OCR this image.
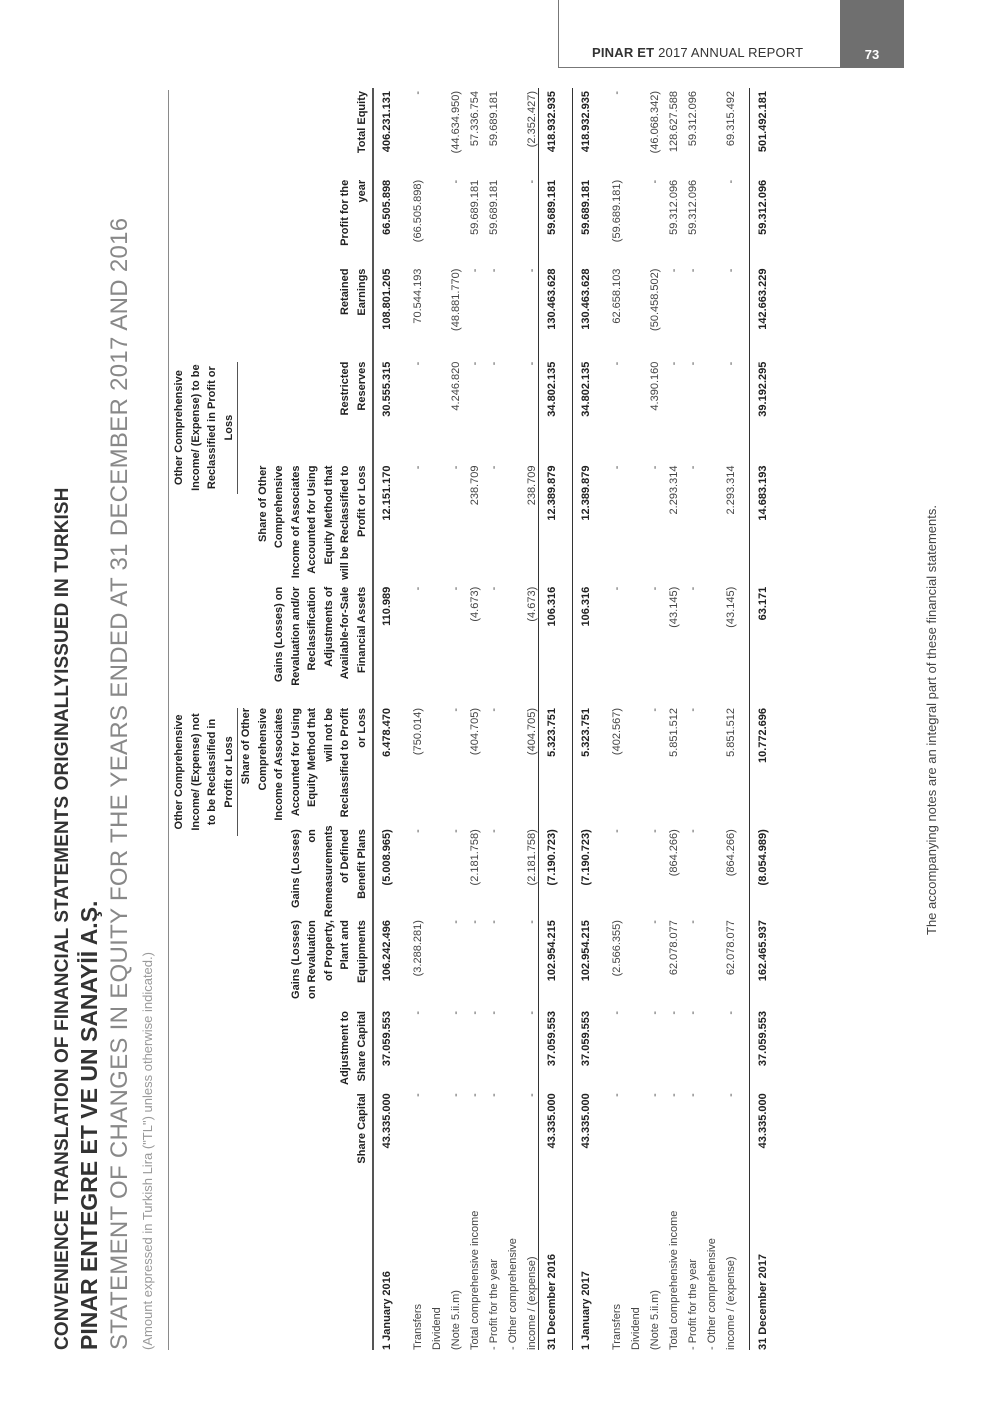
PINAR ET 2017 ANNUAL REPORT	73
CONVENIENCE TRANSLATION OF FINANCIAL STATEMENTS ORIGINALLYISSUED IN TURKISH PINAR ENTEGRE ET VE UN SANAYİİ A.Ş. STATEMENT OF CHANGES IN EQUITY FOR THE YEARS ENDED AT 31 DECEMBER 2017 AND 2016 (Amount expressed in Turkish Lira ("TL") unless otherwise indicated.)

				Other Comprehensive Income/ (Expense) not to be Reclassified in Profit or Loss			Other Comprehensive Income/ (Expense) to be Reclassified in Profit or Loss				

	Share Capital	Adjustment to Share Capital	Gains (Losses) on Revaluation of Property, Plant and Equipments	Gains (Losses) on Remeasurements of Defined Benefit Plans	Share of Other Comprehensive Income of Associates Accounted for Using Equity Method that will not be Reclassified to Profit or Loss	Gains (Losses) on Revaluation and/or Reclassification Adjustments of Available-for-Sale Financial Assets	Share of Other Comprehensive Income of Associates Accounted for Using Equity Method that will be Reclassified to Profit or Loss	Restricted Reserves	Retained Earnings	Profit for the year	Total Equity
1 January 2016	43.335.000	37.059.553	106.242.496	(5.008.965)	6.478.470	110.989	12.151.170	30.555.315	108.801.205	66.505.898	406.231.131

Transfers	-	-	(3.288.281)	-	(750.014)	-	-	-	70.544.193	(66.505.898)	-
Dividend											
(Note 5.ii.m)	-	-	-	-	-	-	-	4.246.820	(48.881.770)	-	(44.634.950)
Total comprehensive income	-	-	-	(2.181.758)	(404.705)	(4.673)	238.709	-	-	59.689.181	57.336.754
- Profit for the year	-	-	-	-	-	-	-	-	-	59.689.181	59.689.181
- Other comprehensive											
income / (expense)	-	-	-	(2.181.758)	(404.705)	(4.673)	238.709	-	-	-	(2.352.427)
31 December 2016	43.335.000	37.059.553	102.954.215	(7.190.723)	5.323.751	106.316	12.389.879	34.802.135	130.463.628	59.689.181	418.932.935

1 January 2017	43.335.000	37.059.553	102.954.215	(7.190.723)	5.323.751	106.316	12.389.879	34.802.135	130.463.628	59.689.181	418.932.935

Transfers	-	-	(2.566.355)	-	(402.567)	-	-	-	62.658.103	(59.689.181)	-
Dividend											
(Note 5.ii.m)	-	-	-	-	-	-	-	4.390.160	(50.458.502)	-	(46.068.342)
Total comprehensive income	-	-	62.078.077	(864.266)	5.851.512	(43.145)	2.293.314	-	-	59.312.096	128.627.588
- Profit for the year	-	-	-	-	-	-	-	-	-	59.312.096	59.312.096
- Other comprehensive											
income / (expense)	-	-	62.078.077	(864.266)	5.851.512	(43.145)	2.293.314	-	-	-	69.315.492

31 December 2017	43.335.000	37.059.553	162.465.937	(8.054.989)	10.772.696	63.171	14.683.193	39.192.295	142.663.229	59.312.096	501.492.181
The accompanying notes are an integral part of these financial statements.
